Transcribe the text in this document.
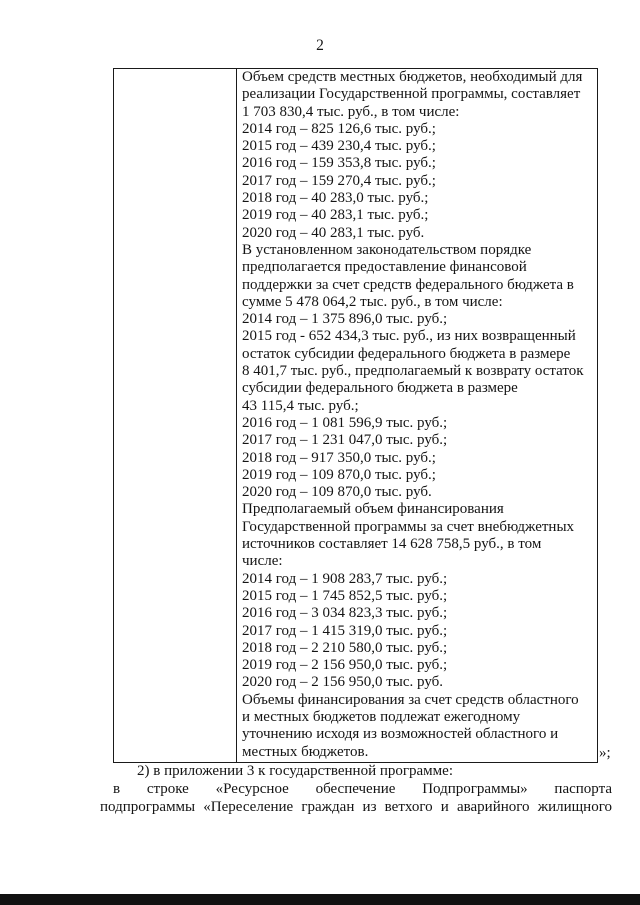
2
Объем средств местных бюджетов, необходимый для
реализации Государственной программы, составляет
1 703 830,4 тыс. руб., в том числе:
2014 год – 825 126,6 тыс. руб.;
2015 год – 439 230,4 тыс. руб.;
2016 год – 159 353,8 тыс. руб.;
2017 год – 159 270,4 тыс. руб.;
2018 год – 40 283,0 тыс. руб.;
2019 год – 40 283,1 тыс. руб.;
2020 год – 40 283,1 тыс. руб.
В установленном законодательством порядке
предполагается предоставление финансовой
поддержки за счет средств федерального бюджета в
сумме 5 478 064,2 тыс. руб., в том числе:
2014 год – 1 375 896,0 тыс. руб.;
2015 год - 652 434,3 тыс. руб., из них возвращенный
остаток субсидии федерального бюджета в размере
8 401,7 тыс. руб., предполагаемый к возврату остаток
субсидии федерального бюджета в размере
43 115,4 тыс. руб.;
2016 год – 1 081 596,9 тыс. руб.;
2017 год – 1 231 047,0 тыс. руб.;
2018 год – 917 350,0 тыс. руб.;
2019 год – 109 870,0 тыс. руб.;
2020 год – 109 870,0 тыс. руб.
Предполагаемый объем финансирования
Государственной программы за счет внебюджетных
источников составляет 14 628 758,5 руб., в том
числе:
2014 год – 1 908 283,7 тыс. руб.;
2015 год – 1 745 852,5 тыс. руб.;
2016 год – 3 034 823,3 тыс. руб.;
2017 год – 1 415 319,0 тыс. руб.;
2018 год – 2 210 580,0 тыс. руб.;
2019 год – 2 156 950,0 тыс. руб.;
2020 год – 2 156 950,0 тыс. руб.
Объемы финансирования за счет средств областного
и местных бюджетов подлежат ежегодному
уточнению исходя из возможностей областного и
местных бюджетов.	»;
2) в приложении 3 к государственной программе:
в строке «Ресурсное обеспечение Подпрограммы» паспорта
подпрограммы «Переселение граждан из ветхого и аварийного жилищного
